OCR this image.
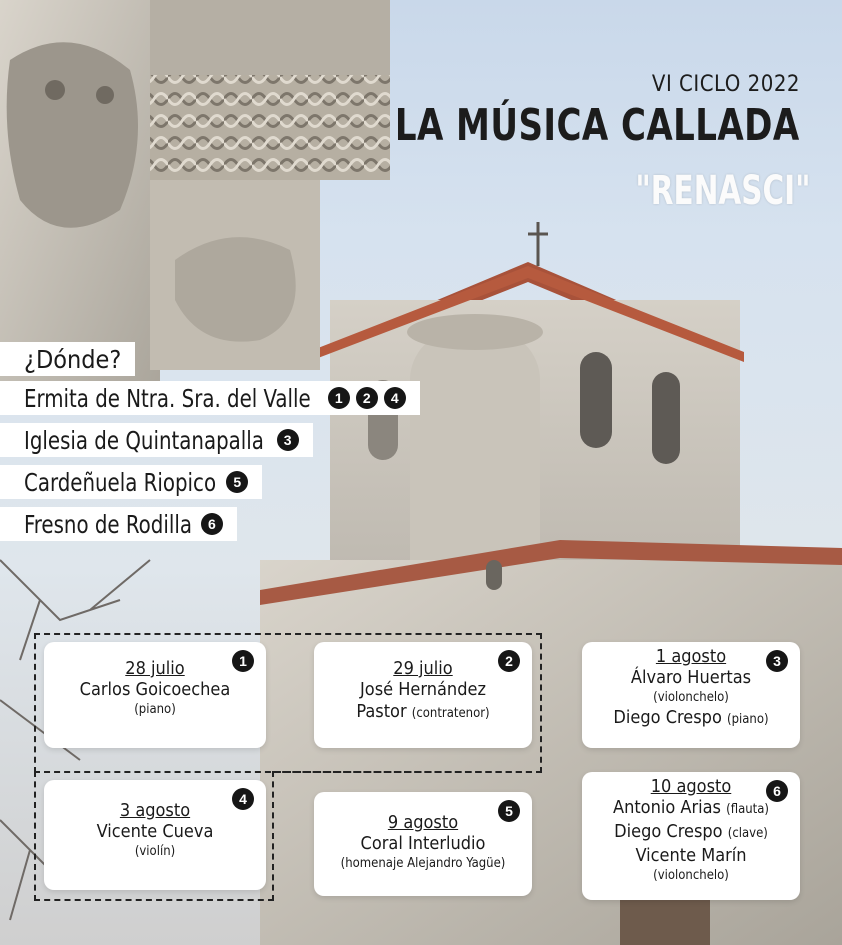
VI CICLO 2022
LA MÚSICA CALLADA
"RENASCI"
¿Dónde?
Ermita de Ntra. Sra. del Valle	1	2	4
Iglesia de Quintanapalla	3
Cardeñuela Riopico	5
Fresno de Rodilla	6
1
28 julio
Carlos Goicoechea
(piano)
2
29 julio
José Hernández
Pastor (contratenor)
3
1 agosto
Álvaro Huertas
(violonchelo)
Diego Crespo (piano)
4
3 agosto
Vicente Cueva
(violín)
5
9 agosto
Coral Interludio
(homenaje Alejandro Yagüe)
6
10 agosto
Antonio Arias (flauta)
Diego Crespo (clave)
Vicente Marín
(violonchelo)
